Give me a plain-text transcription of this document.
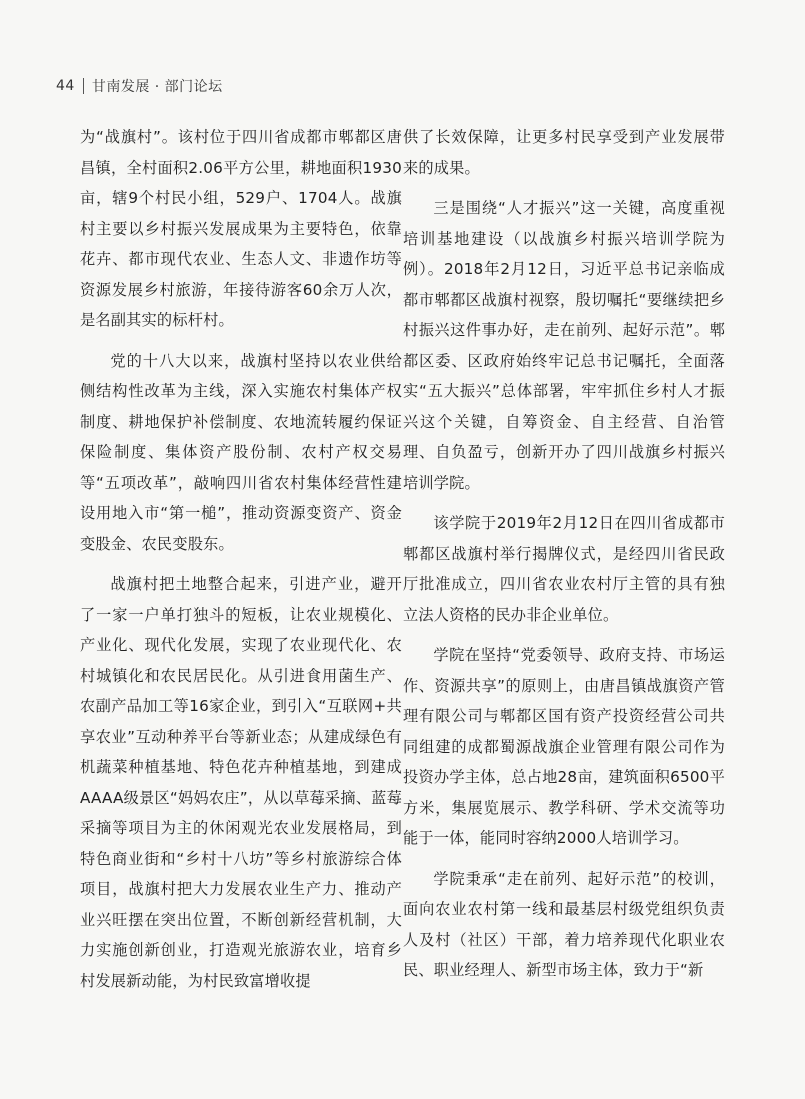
44 甘南发展 · 部门论坛

为“战旗村”。该村位于四川省成都市郫都区唐昌镇，全村面积2.06平方公里，耕地面积1930亩，辖9个村民小组，529户、1704人。战旗村主要以乡村振兴发展成果为主要特色，依靠花卉、都市现代农业、生态人文、非遗作坊等资源发展乡村旅游，年接待游客60余万人次，是名副其实的标杆村。

党的十八大以来，战旗村坚持以农业供给侧结构性改革为主线，深入实施农村集体产权制度、耕地保护补偿制度、农地流转履约保证保险制度、集体资产股份制、农村产权交易等“五项改革”，敲响四川省农村集体经营性建设用地入市“第一槌”，推动资源变资产、资金变股金、农民变股东。

战旗村把土地整合起来，引进产业，避开了一家一户单打独斗的短板，让农业规模化、产业化、现代化发展，实现了农业现代化、农村城镇化和农民居民化。从引进食用菌生产、农副产品加工等16家企业，到引入“互联网+共享农业”互动种养平台等新业态；从建成绿色有机蔬菜种植基地、特色花卉种植基地，到建成AAAA级景区“妈妈农庄”，从以草莓采摘、蓝莓采摘等项目为主的休闲观光农业发展格局，到特色商业街和“乡村十八坊”等乡村旅游综合体项目，战旗村把大力发展农业生产力、推动产业兴旺摆在突出位置，不断创新经营机制，大力实施创新创业，打造观光旅游农业，培育乡村发展新动能，为村民致富增收提

供了长效保障，让更多村民享受到产业发展带来的成果。

三是围绕“人才振兴”这一关键，高度重视培训基地建设（以战旗乡村振兴培训学院为例）。2018年2月12日，习近平总书记亲临成都市郫都区战旗村视察，殷切嘱托“要继续把乡村振兴这件事办好，走在前列、起好示范”。郫都区委、区政府始终牢记总书记嘱托，全面落实“五大振兴”总体部署，牢牢抓住乡村人才振兴这个关键，自筹资金、自主经营、自治管理、自负盈亏，创新开办了四川战旗乡村振兴培训学院。

该学院于2019年2月12日在四川省成都市郫都区战旗村举行揭牌仪式，是经四川省民政厅批准成立，四川省农业农村厅主管的具有独立法人资格的民办非企业单位。

学院在坚持“党委领导、政府支持、市场运作、资源共享”的原则上，由唐昌镇战旗资产管理有限公司与郫都区国有资产投资经营公司共同组建的成都蜀源战旗企业管理有限公司作为投资办学主体，总占地28亩，建筑面积6500平方米，集展览展示、教学科研、学术交流等功能于一体，能同时容纳2000人培训学习。

学院秉承“走在前列、起好示范”的校训，面向农业农村第一线和最基层村级党组织负责人及村（社区）干部，着力培养现代化职业农民、职业经理人、新型市场主体，致力于“新
